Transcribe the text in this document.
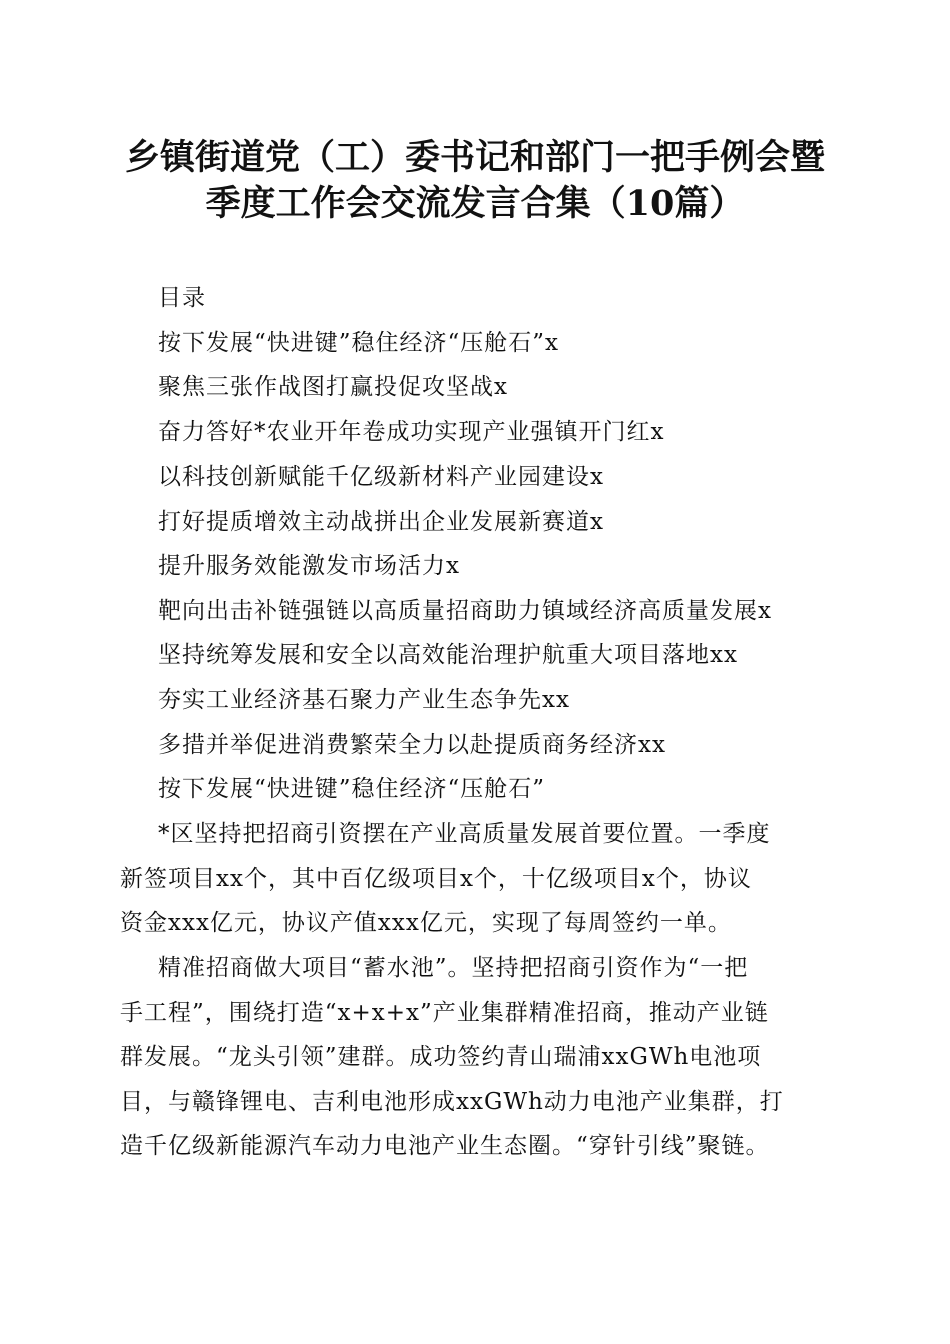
乡镇街道党（工）委书记和部门一把手例会暨
季度工作会交流发言合集（10篇）
目录
按下发展“快进键”稳住经济“压舱石”x
聚焦三张作战图打赢投促攻坚战x
奋力答好*农业开年卷成功实现产业强镇开门红x
以科技创新赋能千亿级新材料产业园建设x
打好提质增效主动战拼出企业发展新赛道x
提升服务效能激发市场活力x
靶向出击补链强链以高质量招商助力镇域经济高质量发展x
坚持统筹发展和安全以高效能治理护航重大项目落地xx
夯实工业经济基石聚力产业生态争先xx
多措并举促进消费繁荣全力以赴提质商务经济xx
按下发展“快进键”稳住经济“压舱石”
*区坚持把招商引资摆在产业高质量发展首要位置。一季度
新签项目xx个，其中百亿级项目x个，十亿级项目x个，协议
资金xxx亿元，协议产值xxx亿元，实现了每周签约一单。
精准招商做大项目“蓄水池”。坚持把招商引资作为“一把
手工程”，围绕打造“x+x+x”产业集群精准招商，推动产业链
群发展。“龙头引领”建群。成功签约青山瑞浦xxGWh电池项
目，与赣锋锂电、吉利电池形成xxGWh动力电池产业集群，打
造千亿级新能源汽车动力电池产业生态圈。“穿针引线”聚链。
